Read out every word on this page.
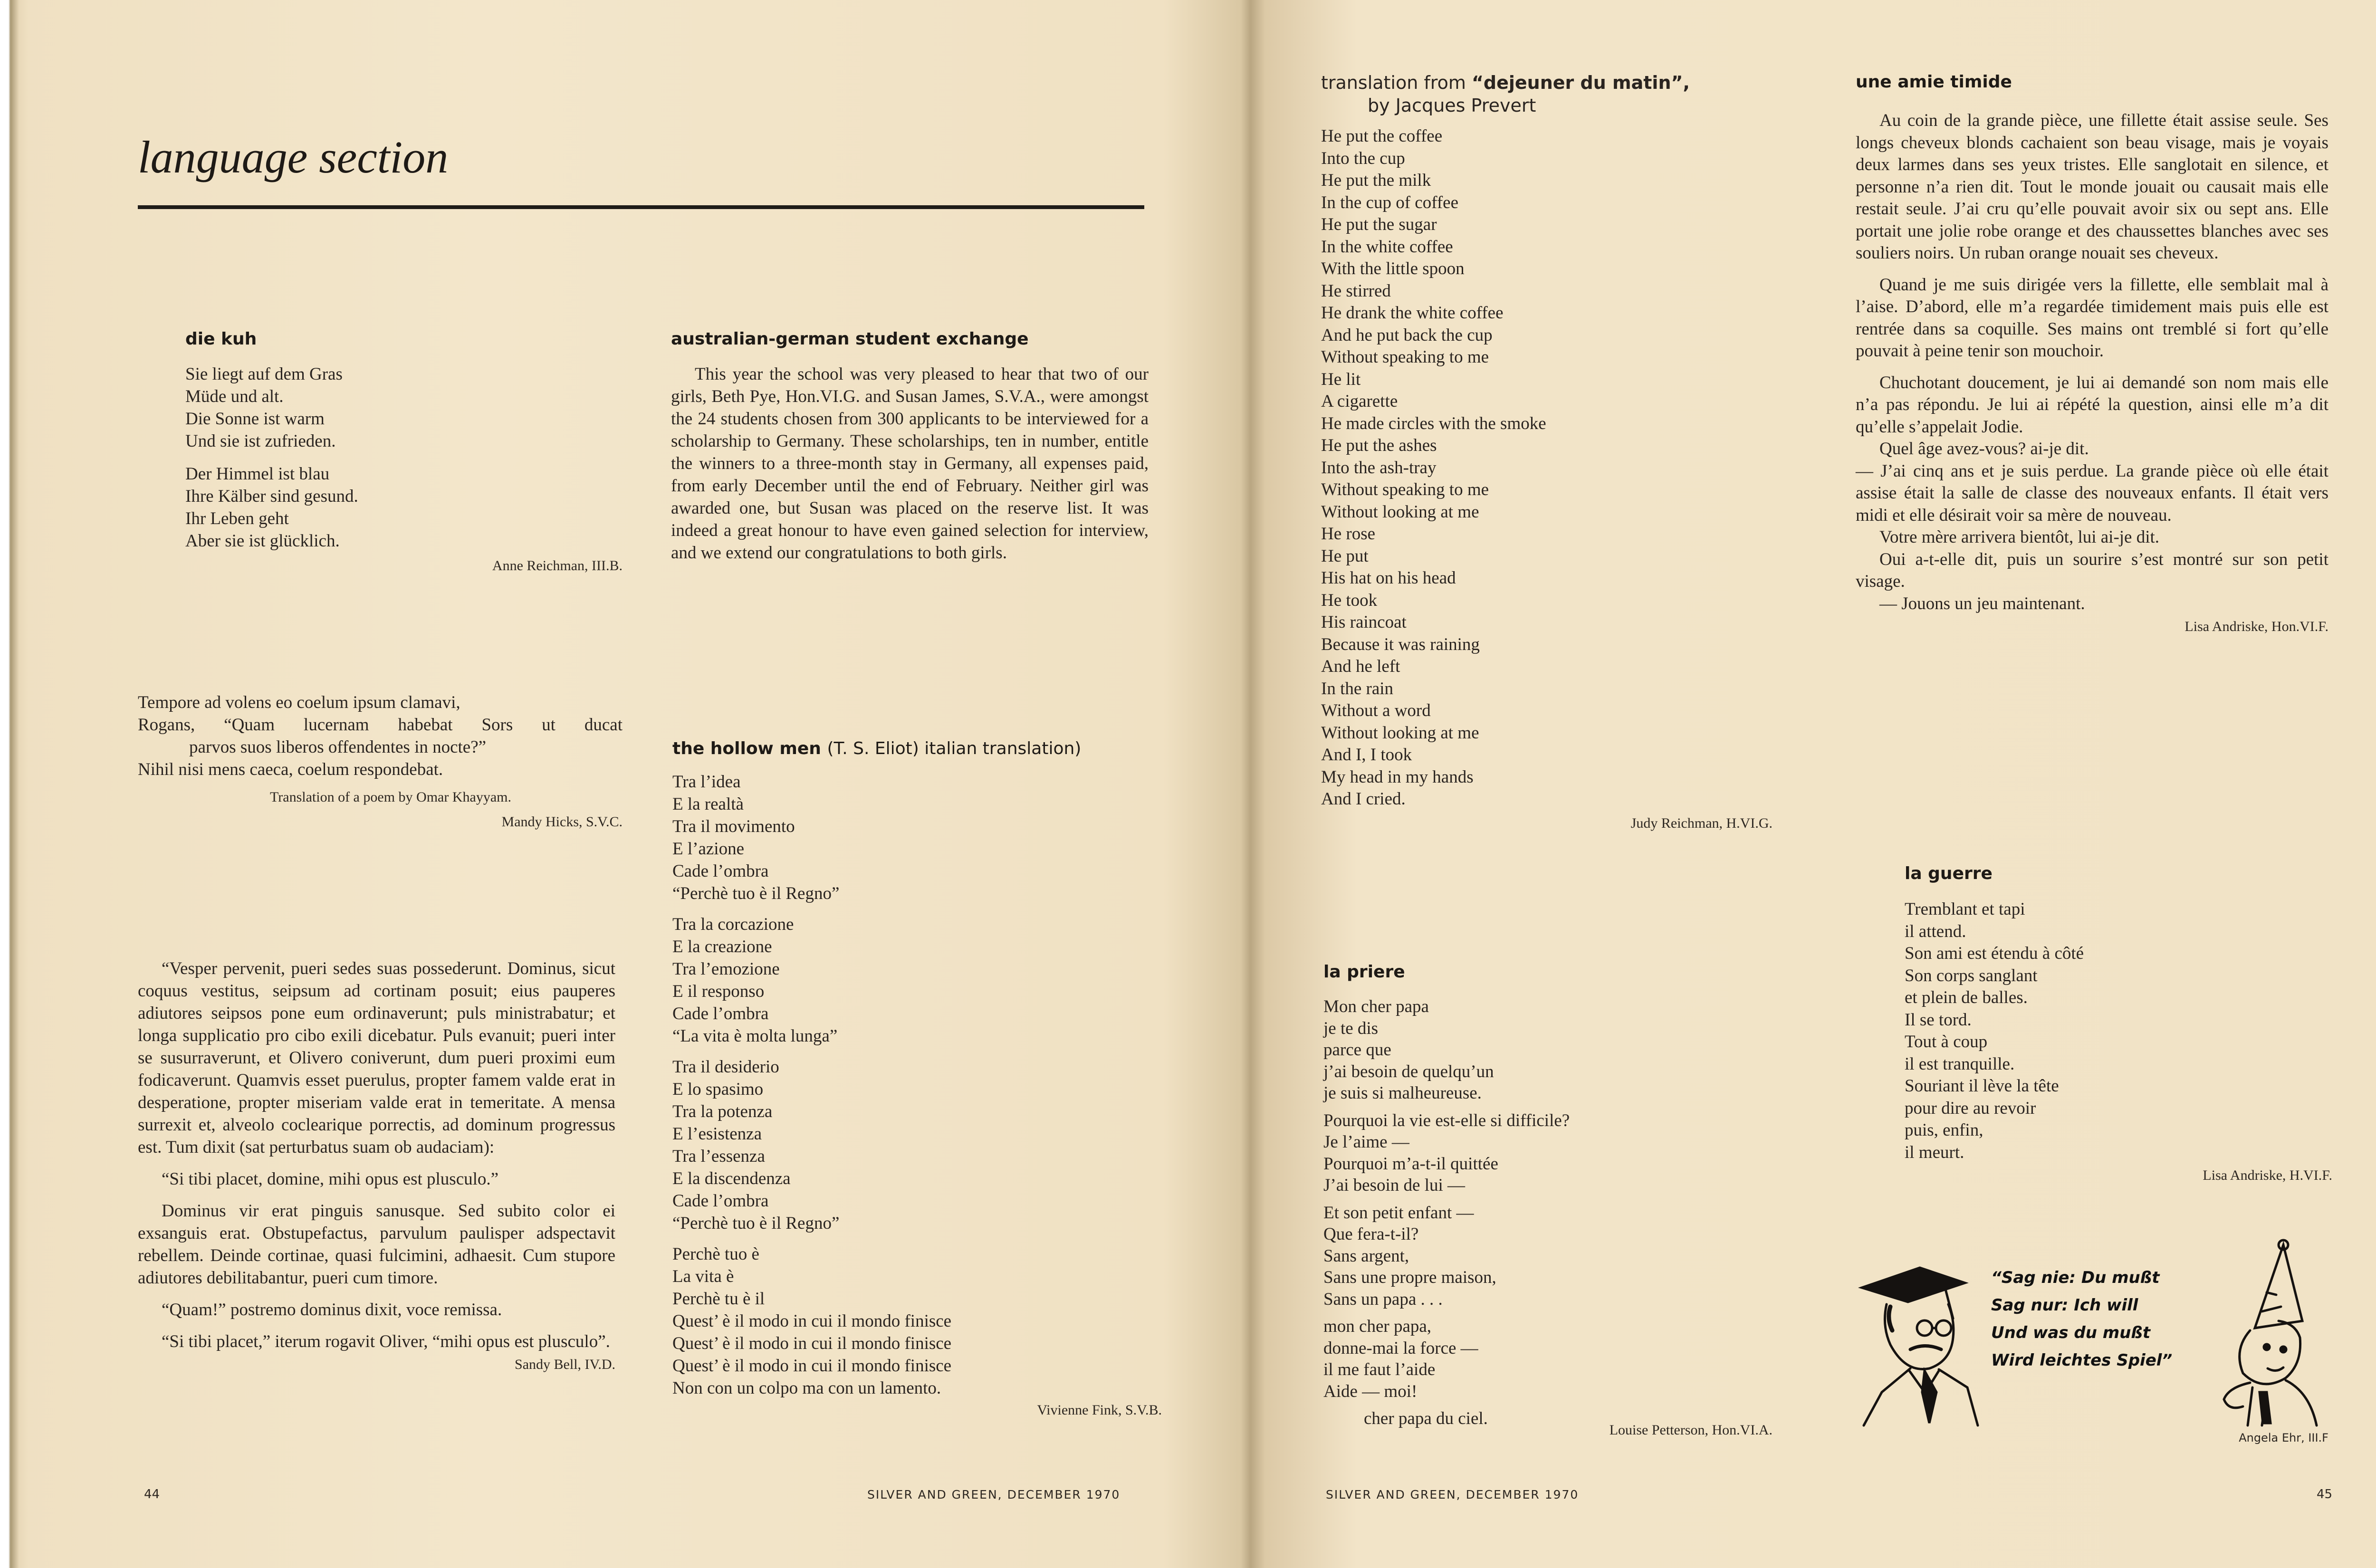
language section
die kuh
Sie liegt auf dem Gras
Müde und alt.
Die Sonne ist warm
Und sie ist zufrieden.
Der Himmel ist blau
Ihre Kälber sind gesund.
Ihr Leben geht
Aber sie ist glücklich.
Anne Reichman, III.B.
Tempore ad volens eo coelum ipsum clamavi,
Rogans, “Quam lucernam habebat Sors ut ducat
parvos suos liberos offendentes in nocte?”
Nihil nisi mens caeca, coelum respondebat.
Translation of a poem by Omar Khayyam.
Mandy Hicks, S.V.C.

“Vesper pervenit, pueri sedes suas possederunt. Dominus, sicut coquus vestitus, seipsum ad cortinam posuit; eius pauperes adiutores seipsos pone eum ordinaverunt; puls ministrabatur; et longa supplicatio pro cibo exili dicebatur. Puls evanuit; pueri inter se susurraverunt, et Olivero coniverunt, dum pueri proximi eum fodicaverunt. Quamvis esset puerulus, propter famem valde erat in desperatione, propter miseriam valde erat in temeritate. A mensa surrexit et, alveolo coclearique porrectis, ad dominum progressus est. Tum dixit (sat perturbatus suam ob audaciam):

“Si tibi placet, domine, mihi opus est plusculo.”

Dominus vir erat pinguis sanusque. Sed subito color ei exsanguis erat. Obstupefactus, parvulum paulisper adspectavit rebellem. Deinde cortinae, quasi fulcimini, adhaesit. Cum stupore adiutores debilitabantur, pueri cum timore.

“Quam!” postremo dominus dixit, voce remissa.

“Si tibi placet,” iterum rogavit Oliver, “mihi opus est plusculo”.

Sandy Bell, IV.D.
australian-german student exchange
This year the school was very pleased to hear that two of our girls, Beth Pye, Hon.VI.G. and Susan James, S.V.A., were amongst the 24 students chosen from 300 applicants to be interviewed for a scholarship to Germany. These scholarships, ten in number, entitle the winners to a three-month stay in Germany, all expenses paid, from early December until the end of February. Neither girl was awarded one, but Susan was placed on the reserve list. It was indeed a great honour to have even gained selection for interview, and we extend our congratulations to both girls.
the hollow men (T. S. Eliot) italian translation)
Tra l’idea
E la realtà
Tra il movimento
E l’azione
Cade l’ombra
“Perchè tuo è il Regno”
Tra la corcazione
E la creazione
Tra l’emozione
E il responso
Cade l’ombra
“La vita è molta lunga”
Tra il desiderio
E lo spasimo
Tra la potenza
E l’esistenza
Tra l’essenza
E la discendenza
Cade l’ombra
“Perchè tuo è il Regno”
Perchè tuo è
La vita è
Perchè tu è il
Quest’ è il modo in cui il mondo finisce
Quest’ è il modo in cui il mondo finisce
Quest’ è il modo in cui il mondo finisce
Non con un colpo ma con un lamento.
Vivienne Fink, S.V.B.
44	SILVER AND GREEN, DECEMBER 1970
translation from “dejeuner du matin”,
by Jacques Prevert
He put the coffee
Into the cup
He put the milk
In the cup of coffee
He put the sugar
In the white coffee
With the little spoon
He stirred
He drank the white coffee
And he put back the cup
Without speaking to me
He lit
A cigarette
He made circles with the smoke
He put the ashes
Into the ash-tray
Without speaking to me
Without looking at me
He rose
He put
His hat on his head
He took
His raincoat
Because it was raining
And he left
In the rain
Without a word
Without looking at me
And I, I took
My head in my hands
And I cried.
Judy Reichman, H.VI.G.
la priere
Mon cher papa
je te dis
parce que
j’ai besoin de quelqu’un
je suis si malheureuse.
Pourquoi la vie est-elle si difficile?
Je l’aime —
Pourquoi m’a-t-il quittée
J’ai besoin de lui —
Et son petit enfant —
Que fera-t-il?
Sans argent,
Sans une propre maison,
Sans un papa . . .
mon cher papa,
donne-mai la force —
il me faut l’aide
Aide — moi!
cher papa du ciel.
Louise Petterson, Hon.VI.A.
une amie timide

Au coin de la grande pièce, une fillette était assise seule. Ses longs cheveux blonds cachaient son beau visage, mais je voyais deux larmes dans ses yeux tristes. Elle sanglotait en silence, et personne n’a rien dit. Tout le monde jouait ou causait mais elle restait seule. J’ai cru qu’elle pouvait avoir six ou sept ans. Elle portait une jolie robe orange et des chaussettes blanches avec ses souliers noirs. Un ruban orange nouait ses cheveux.

Quand je me suis dirigée vers la fillette, elle semblait mal à l’aise. D’abord, elle m’a regardée timidement mais puis elle est rentrée dans sa coquille. Ses mains ont tremblé si fort qu’elle pouvait à peine tenir son mouchoir.

Chuchotant doucement, je lui ai demandé son nom mais elle n’a pas répondu. Je lui ai répété la question, ainsi elle m’a dit qu’elle s’appelait Jodie.

Quel âge avez-vous? ai-je dit.

— J’ai cinq ans et je suis perdue. La grande pièce où elle était assise était la salle de classe des nouveaux enfants. Il était vers midi et elle désirait voir sa mère de nouveau.

Votre mère arrivera bientôt, lui ai-je dit.

Oui a-t-elle dit, puis un sourire s’est montré sur son petit visage.

— Jouons un jeu maintenant.

Lisa Andriske, Hon.VI.F.
la guerre
Tremblant et tapi
il attend.
Son ami est étendu à côté
Son corps sanglant
et plein de balles.
Il se tord.
Tout à coup
il est tranquille.
Souriant il lève la tête
pour dire au revoir
puis, enfin,
il meurt.
Lisa Andriske, H.VI.F.
“Sag nie: Du mußt
Sag nur: Ich will
Und was du mußt
Wird leichtes Spiel”
Angela Ehr, III.F
SILVER AND GREEN, DECEMBER 1970	45
